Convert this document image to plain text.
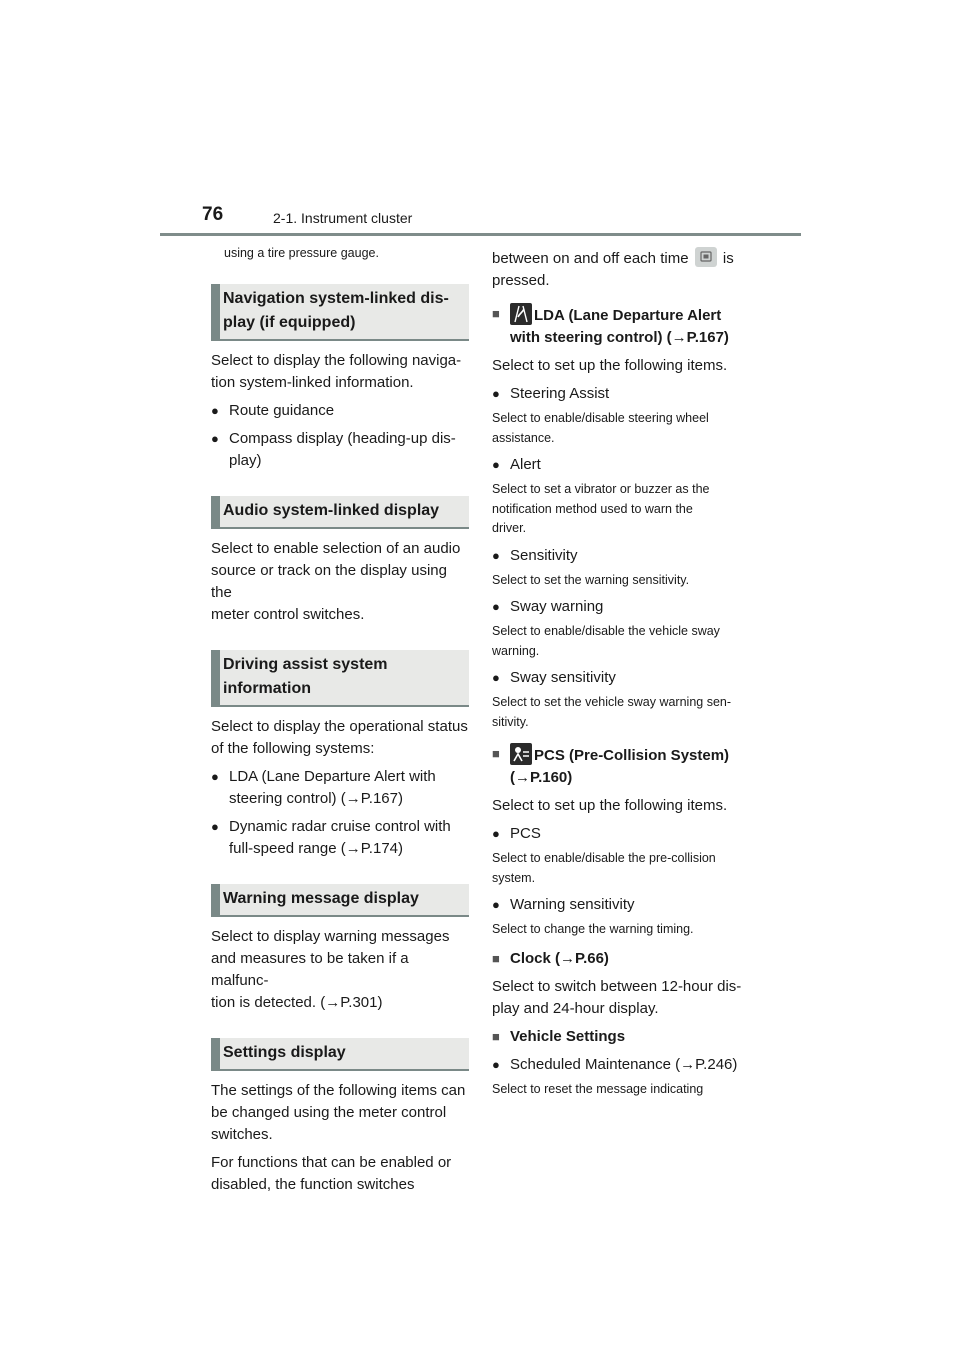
76	2-1. Instrument cluster

using a tire pressure gauge.

Navigation system-linked dis-
play (if equipped)

Select to display the following naviga-

tion system-linked information.

● Route guidance
● Compass display (heading-up dis-
play)
Audio system-linked display

Select to enable selection of an audio

source or track on the display using the

meter control switches.

Driving assist system information

Select to display the operational status

of the following systems:

● LDA (Lane Departure Alert with
steering control) (→P.167)
● Dynamic radar cruise control with
full-speed range (→P.174)
Warning message display

Select to display warning messages

and measures to be taken if a malfunc-

tion is detected. (→P.301)

Settings display

The settings of the following items can

be changed using the meter control

switches.

For functions that can be enabled or

disabled, the function switches

between on and off each time is

pressed.

■	LDA (Lane Departure Alert
with steering control) (→P.167)

Select to set up the following items.

● Steering Assist

Select to enable/disable steering wheel

assistance.

● Alert

Select to set a vibrator or buzzer as the

notification method used to warn the

driver.

● Sensitivity

Select to set the warning sensitivity.

● Sway warning

Select to enable/disable the vehicle sway

warning.

● Sway sensitivity

Select to set the vehicle sway warning sen-

sitivity.

■	PCS (Pre-Collision System)
(→P.160)

Select to set up the following items.

● PCS

Select to enable/disable the pre-collision

system.

● Warning sensitivity

Select to change the warning timing.

■ Clock (→P.66)

Select to switch between 12-hour dis-

play and 24-hour display.

■ Vehicle Settings
● Scheduled Maintenance (→P.246)

Select to reset the message indicating
